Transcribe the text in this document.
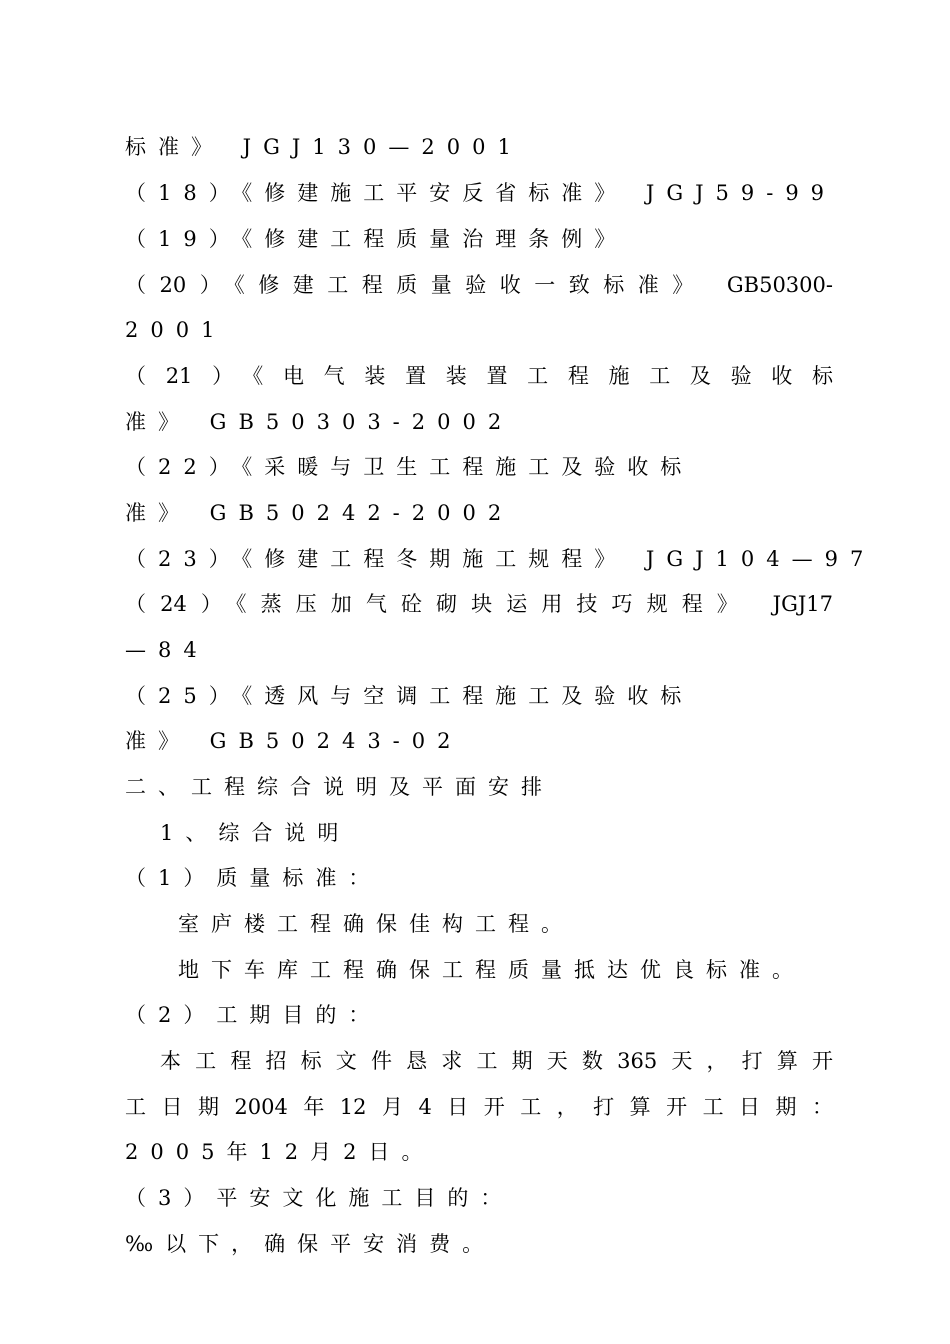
标准》 JGJ130—2001
（18）《修建施工平安反省标准》 JGJ59-99
（19）《修建工程质量治理条例》
（20）《修建工程质量验收一致标准》 GB50300-
2001
（21）《电气装置装置工程施工及验收标
准》 GB50303-2002
（22）《采暖与卫生工程施工及验收标
准》 GB50242-2002
（23）《修建工程冬期施工规程》 JGJ104—97
（24）《蒸压加气砼砌块运用技巧规程》 JGJ17
—84
（25）《透风与空调工程施工及验收标
准》 GB50243-02
二、工程综合说明及平面安排
1、综合说明
（1）质量标准：
室庐楼工程确保佳构工程。
地下车库工程确保工程质量抵达优良标准。
（2）工期目的：
本工程招标文件恳求工期天数365天，打算开
工日期2004年12月4日开工，打算开工日期：
2005年12月2日。
（3）平安文化施工目的：
‰以下，确保平安消费。
